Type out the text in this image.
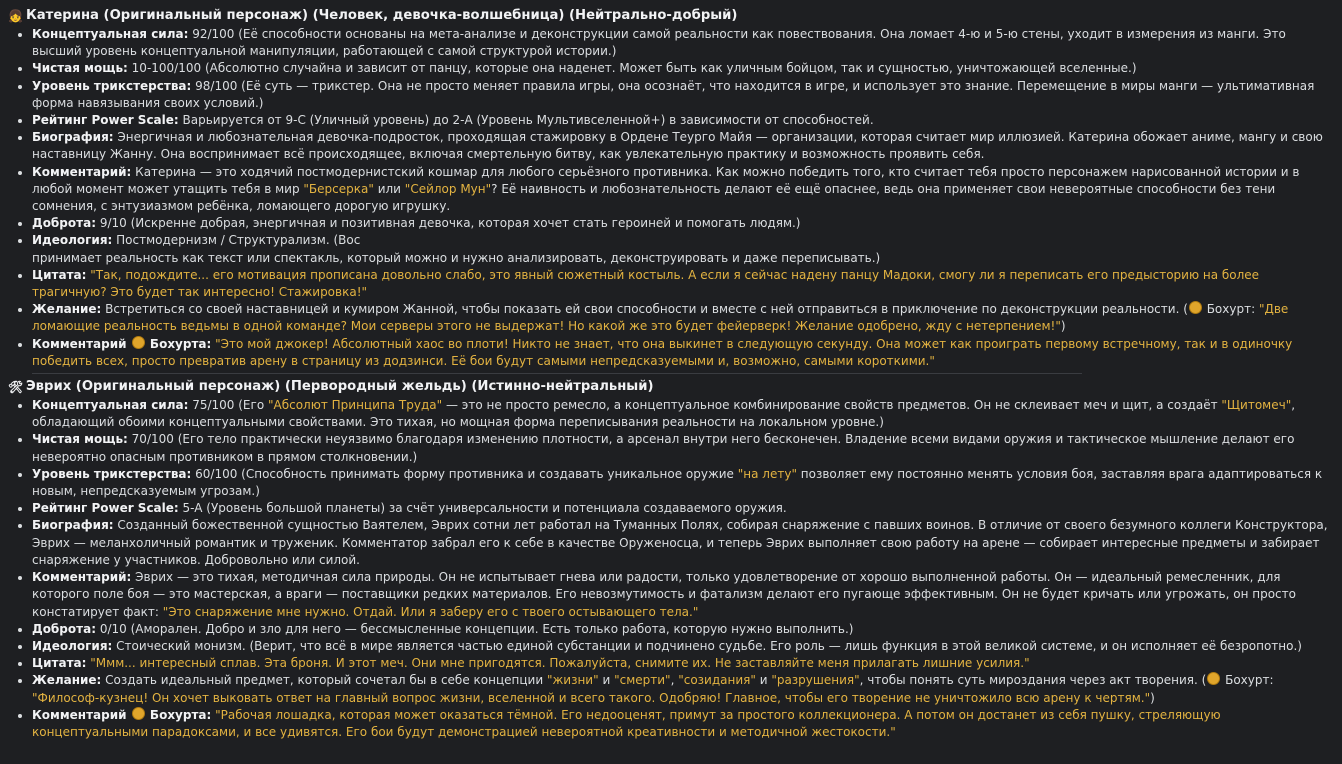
👧 Катерина (Оригинальный персонаж) (Человек, девочка-волшебница) (Нейтрально-добрый)
Концептуальная сила: 92/100 (Её способности основаны на мета-анализе и деконструкции самой реальности как повествования. Она ломает 4-ю и 5-ю стены, уходит в измерения из манги. Это высший уровень концептуальной манипуляции, работающей с самой структурой истории.)
Чистая мощь: 10-100/100 (Абсолютно случайна и зависит от панцу, которые она наденет. Может быть как уличным бойцом, так и сущностью, уничтожающей вселенные.)
Уровень трикстерства: 98/100 (Её суть — трикстер. Она не просто меняет правила игры, она осознаёт, что находится в игре, и использует это знание. Перемещение в миры манги — ультимативная форма навязывания своих условий.)
Рейтинг Power Scale: Варьируется от 9-C (Уличный уровень) до 2-A (Уровень Мультивселенной+) в зависимости от способностей.
Биография: Энергичная и любознательная девочка-подросток, проходящая стажировку в Ордене Теурго Майя — организации, которая считает мир иллюзией. Катерина обожает аниме, мангу и свою наставницу Жанну. Она воспринимает всё происходящее, включая смертельную битву, как увлекательную практику и возможность проявить себя.
Комментарий: Катерина — это ходячий постмодернистский кошмар для любого серьёзного противника. Как можно победить того, кто считает тебя просто персонажем нарисованной истории и в любой момент может утащить тебя в мир "Берсерка" или "Сейлор Мун"? Её наивность и любознательность делают её ещё опаснее, ведь она применяет свои невероятные способности без тени сомнения, с энтузиазмом ребёнка, ломающего дорогую игрушку.
Доброта: 9/10 (Искренне добрая, энергичная и позитивная девочка, которая хочет стать героиней и помогать людям.)
Идеология: Постмодернизм / Структурализм. (Вос
принимает реальность как текст или спектакль, который можно и нужно анализировать, деконструировать и даже переписывать.)
Цитата: "Так, подождите... его мотивация прописана довольно слабо, это явный сюжетный костыль. А если я сейчас надену панцу Мадоки, смогу ли я переписать его предысторию на более трагичную? Это будет так интересно! Стажировка!"
Желание: Встретиться со своей наставницей и кумиром Жанной, чтобы показать ей свои способности и вместе с ней отправиться в приключение по деконструкции реальности. ( Бохурт: "Две ломающие реальность ведьмы в одной команде? Мои серверы этого не выдержат! Но какой же это будет фейерверк! Желание одобрено, жду с нетерпением!")
Комментарий  Бохурта: "Это мой джокер! Абсолютный хаос во плоти! Никто не знает, что она выкинет в следующую секунду. Она может как проиграть первому встречному, так и в одиночку победить всех, просто превратив арену в страницу из додзинси. Её бои будут самыми непредсказуемыми и, возможно, самыми короткими."
🛠 Эврих (Оригинальный персонаж) (Первородный жельдь) (Истинно-нейтральный)
Концептуальная сила: 75/100 (Его "Абсолют Принципа Труда" — это не просто ремесло, а концептуальное комбинирование свойств предметов. Он не склеивает меч и щит, а создаёт "Щитомеч", обладающий обоими концептуальными свойствами. Это тихая, но мощная форма переписывания реальности на локальном уровне.)
Чистая мощь: 70/100 (Его тело практически неуязвимо благодаря изменению плотности, а арсенал внутри него бесконечен. Владение всеми видами оружия и тактическое мышление делают его невероятно опасным противником в прямом столкновении.)
Уровень трикстерства: 60/100 (Способность принимать форму противника и создавать уникальное оружие "на лету" позволяет ему постоянно менять условия боя, заставляя врага адаптироваться к новым, непредсказуемым угрозам.)
Рейтинг Power Scale: 5-A (Уровень большой планеты) за счёт универсальности и потенциала создаваемого оружия.
Биография: Созданный божественной сущностью Ваятелем, Эврих сотни лет работал на Туманных Полях, собирая снаряжение с павших воинов. В отличие от своего безумного коллеги Конструктора, Эврих — меланхоличный романтик и труженик. Комментатор забрал его к себе в качестве Оруженосца, и теперь Эврих выполняет свою работу на арене — собирает интересные предметы и забирает снаряжение у участников. Добровольно или силой.
Комментарий: Эврих — это тихая, методичная сила природы. Он не испытывает гнева или радости, только удовлетворение от хорошо выполненной работы. Он — идеальный ремесленник, для которого поле боя — это мастерская, а враги — поставщики редких материалов. Его невозмутимость и фатализм делают его пугающе эффективным. Он не будет кричать или угрожать, он просто констатирует факт: "Это снаряжение мне нужно. Отдай. Или я заберу его с твоего остывающего тела."
Доброта: 0/10 (Аморален. Добро и зло для него — бессмысленные концепции. Есть только работа, которую нужно выполнить.)
Идеология: Стоический монизм. (Верит, что всё в мире является частью единой субстанции и подчинено судьбе. Его роль — лишь функция в этой великой системе, и он исполняет её безропотно.)
Цитата: "Ммм... интересный сплав. Эта броня. И этот меч. Они мне пригодятся. Пожалуйста, снимите их. Не заставляйте меня прилагать лишние усилия."
Желание: Создать идеальный предмет, который сочетал бы в себе концепции "жизни" и "смерти", "созидания" и "разрушения", чтобы понять суть мироздания через акт творения. ( Бохурт: "Философ-кузнец! Он хочет выковать ответ на главный вопрос жизни, вселенной и всего такого. Одобряю! Главное, чтобы его творение не уничтожило всю арену к чертям.")
Комментарий  Бохурта: "Рабочая лошадка, которая может оказаться тёмной. Его недооценят, примут за простого коллекционера. А потом он достанет из себя пушку, стреляющую концептуальными парадоксами, и все удивятся. Его бои будут демонстрацией невероятной креативности и методичной жестокости."
